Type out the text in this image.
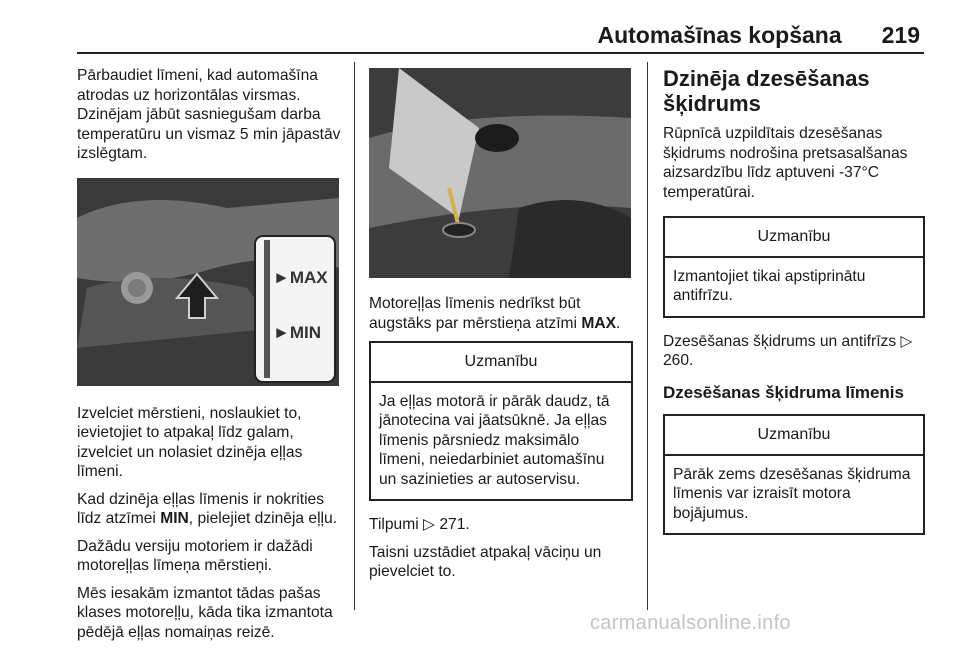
Automašīnas kopšana 219

Pārbaudiet līmeni, kad automašīna atrodas uz horizontālas virsmas. Dzinējam jābūt sasniegušam darba temperatūru un vismaz 5 min jāpastāv izslēgtam.

►MAX
►MIN

Izvelciet mērstieni, noslaukiet to, ievietojiet to atpakaļ līdz galam, izvelciet un nolasiet dzinēja eļļas līmeni.

Kad dzinēja eļļas līmenis ir nokrities līdz atzīmei MIN, pielejiet dzinēja eļļu.

Dažādu versiju motoriem ir dažādi motoreļļas līmeņa mērstieņi.

Mēs iesakām izmantot tādas pašas klases motoreļļu, kāda tika izmantota pēdējā eļļas nomaiņas reizē.

Motoreļļas līmenis nedrīkst būt augstāks par mērstieņa atzīmi MAX.

Uzmanību
Ja eļļas motorā ir pārāk daudz, tā jānotecina vai jāatsūknē. Ja eļļas līmenis pārsniedz maksimālo līmeni, neiedarbiniet automašīnu un sazinieties ar autoservisu.

Tilpumi ▷ 271.

Taisni uzstādiet atpakaļ vāciņu un pievelciet to.

Dzinēja dzesēšanas šķidrums

Rūpnīcā uzpildītais dzesēšanas šķidrums nodrošina pretsasalšanas aizsardzību līdz aptuveni -37°C temperatūrai.

Uzmanību
Izmantojiet tikai apstiprinātu antifrīzu.

Dzesēšanas šķidrums un antifrīzs ▷ 260.

Dzesēšanas šķidruma līmenis
Uzmanību
Pārāk zems dzesēšanas šķidruma līmenis var izraisīt motora bojājumus.
carmanualsonline.info
